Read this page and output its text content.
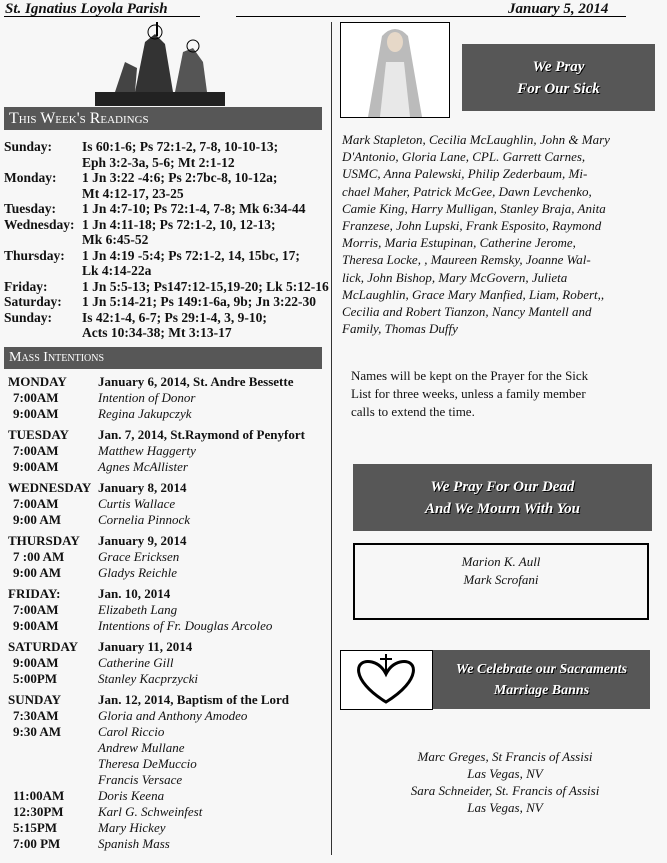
St. Ignatius Loyola Parish	January 5, 2014
This Week's Readings
Sunday:	Is 60:1-6; Ps 72:1-2, 7-8, 10-10-13;
Eph 3:2-3a, 5-6; Mt 2:1-12
Monday:	1 Jn 3:22 -4:6; Ps 2:7bc-8, 10-12a;
Mt 4:12-17, 23-25
Tuesday:	1 Jn 4:7-10; Ps 72:1-4, 7-8; Mk 6:34-44
Wednesday: 1 Jn 4:11-18; Ps 72:1-2, 10, 12-13;
Mk 6:45-52
Thursday:	1 Jn 4:19 -5:4; Ps 72:1-2, 14, 15bc, 17;
Lk 4:14-22a
Friday:	1 Jn 5:5-13; Ps147:12-15,19-20; Lk 5:12-16
Saturday:	1 Jn 5:14-21; Ps 149:1-6a, 9b; Jn 3:22-30
Sunday:	Is 42:1-4, 6-7; Ps 29:1-4, 3, 9-10;
Acts 10:34-38; Mt 3:13-17
Mass Intentions
MONDAY	January 6, 2014, St. Andre Bessette
7:00AM	Intention of Donor
9:00AM	Regina Jakupczyk
TUESDAY	Jan. 7, 2014, St.Raymond of Penyfort
7:00AM	Matthew Haggerty
9:00AM	Agnes McAllister
WEDNESDAY January 8, 2014
7:00AM	Curtis Wallace
9:00 AM	Cornelia Pinnock
THURSDAY	January 9, 2014
7 :00 AM	Grace Ericksen
9:00 AM	Gladys Reichle
FRIDAY:	Jan. 10, 2014
7:00AM	Elizabeth Lang
9:00AM	Intentions of Fr. Douglas Arcoleo
SATURDAY	January 11, 2014
9:00AM	Catherine Gill
5:00PM	Stanley Kacprzycki
SUNDAY	Jan. 12, 2014, Baptism of the Lord
7:30AM	Gloria and Anthony Amodeo
9:30 AM	Carol Riccio
Andrew Mullane
Theresa DeMuccio
Francis Versace
11:00AM	Doris Keena
12:30PM	Karl G. Schweinfest
5:15PM	Mary Hickey
7:00 PM	Spanish Mass
We Pray
For Our Sick
Mark Stapleton, Cecilia McLaughlin, John & Mary
D'Antonio, Gloria Lane, CPL. Garrett Carnes,
USMC, Anna Palewski, Philip Zederbaum, Mi-
chael Maher, Patrick McGee, Dawn Levchenko,
Camie King, Harry Mulligan, Stanley Braja, Anita
Franzese, John Lupski, Frank Esposito, Raymond
Morris, Maria Estupinan, Catherine Jerome,
Theresa Locke, , Maureen Remsky, Joanne Wal-
lick, John Bishop, Mary McGovern, Julieta
McLaughlin, Grace Mary Manfied, Liam, Robert,,
Cecilia and Robert Tianzon, Nancy Mantell and
Family, Thomas Duffy
Names will be kept on the Prayer for the Sick
List for three weeks, unless a family member
calls to extend the time.
We Pray For Our Dead
And We Mourn With You
Marion K. Aull
Mark Scrofani
We Celebrate our Sacraments
Marriage Banns
Marc Greges, St Francis of Assisi
Las Vegas, NV
Sara Schneider, St. Francis of Assisi
Las Vegas, NV
